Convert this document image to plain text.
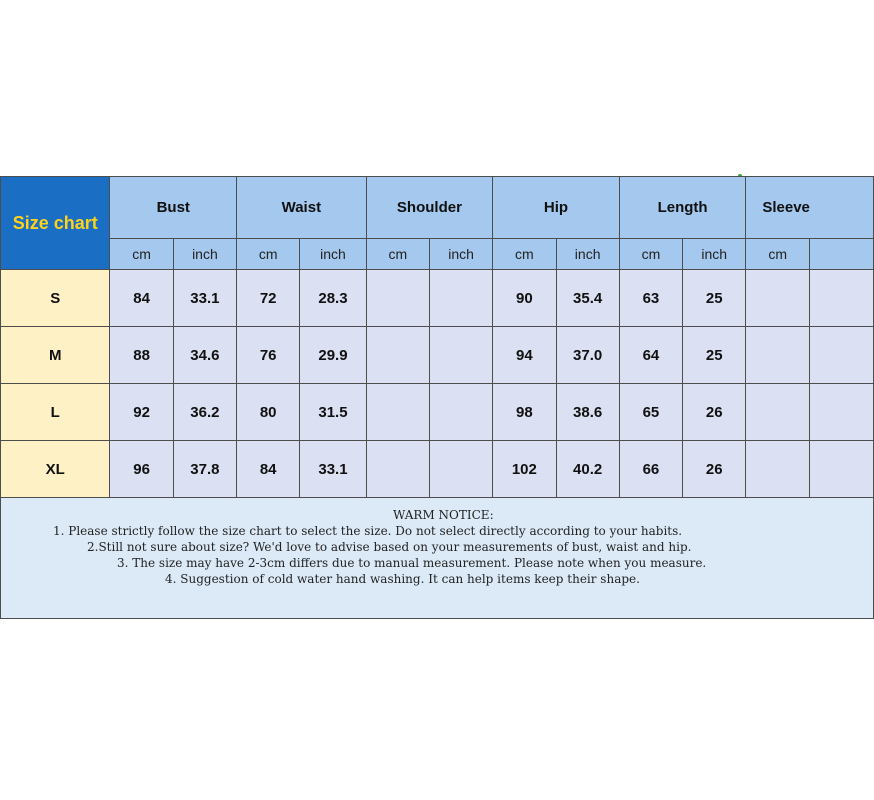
Size chart	Bust		Waist		Shoulder		Hip		Length		Sleeve	
	cm	inch	cm	inch	cm	inch	cm	inch	cm	inch	cm	
S	84	33.1	72	28.3			90	35.4	63	25		
M	88	34.6	76	29.9			94	37.0	64	25		
L	92	36.2	80	31.5			98	38.6	65	26		
XL	96	37.8	84	33.1			102	40.2	66	26		

WARM NOTICE:
1. Please strictly follow the size chart to select the size. Do not select directly according to your habits.
2.Still not sure about size? We'd love to advise based on your measurements of bust, waist and hip.
3. The size may have 2-3cm differs due to manual measurement. Please note when you measure.
4. Suggestion of cold water hand washing. It can help items keep their shape.												
